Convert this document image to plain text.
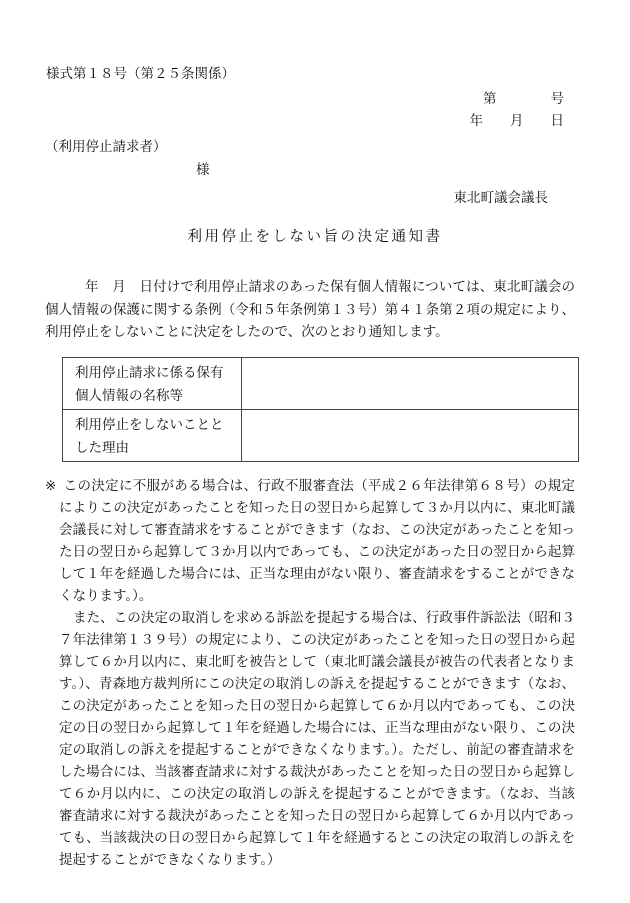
様式第１８号（第２５条関係）
第　　　　号
年　　月　　日
（利用停止請求者）
様
東北町議会議長
利用停止をしない旨の決定通知書
年　月　日付けで利用停止請求のあった保有個人情報については、東北町議会の個人情報の保護に関する条例（令和５年条例第１３号）第４１条第２項の規定により、利用停止をしないことに決定をしたので、次のとおり通知します。
利用停止請求に係る保有個人情報の名称等	
利用停止をしないこととした理由	

※ この決定に不服がある場合は、行政不服審査法（平成２６年法律第６８号）の規定によりこの決定があったことを知った日の翌日から起算して３か月以内に、東北町議会議長に対して審査請求をすることができます（なお、この決定があったことを知った日の翌日から起算して３か月以内であっても、この決定があった日の翌日から起算して１年を経過した場合には、正当な理由がない限り、審査請求をすることができなくなります。）。

また、この決定の取消しを求める訴訟を提起する場合は、行政事件訴訟法（昭和３７年法律第１３９号）の規定により、この決定があったことを知った日の翌日から起算して６か月以内に、東北町を被告として（東北町議会議長が被告の代表者となります。）、青森地方裁判所にこの決定の取消しの訴えを提起することができます（なお、この決定があったことを知った日の翌日から起算して６か月以内であっても、この決定の日の翌日から起算して１年を経過した場合には、正当な理由がない限り、この決定の取消しの訴えを提起することができなくなります。）。ただし、前記の審査請求をした場合には、当該審査請求に対する裁決があったことを知った日の翌日から起算して６か月以内に、この決定の取消しの訴えを提起することができます。（なお、当該審査請求に対する裁決があったことを知った日の翌日から起算して６か月以内であっても、当該裁決の日の翌日から起算して１年を経過するとこの決定の取消しの訴えを提起することができなくなります。）
